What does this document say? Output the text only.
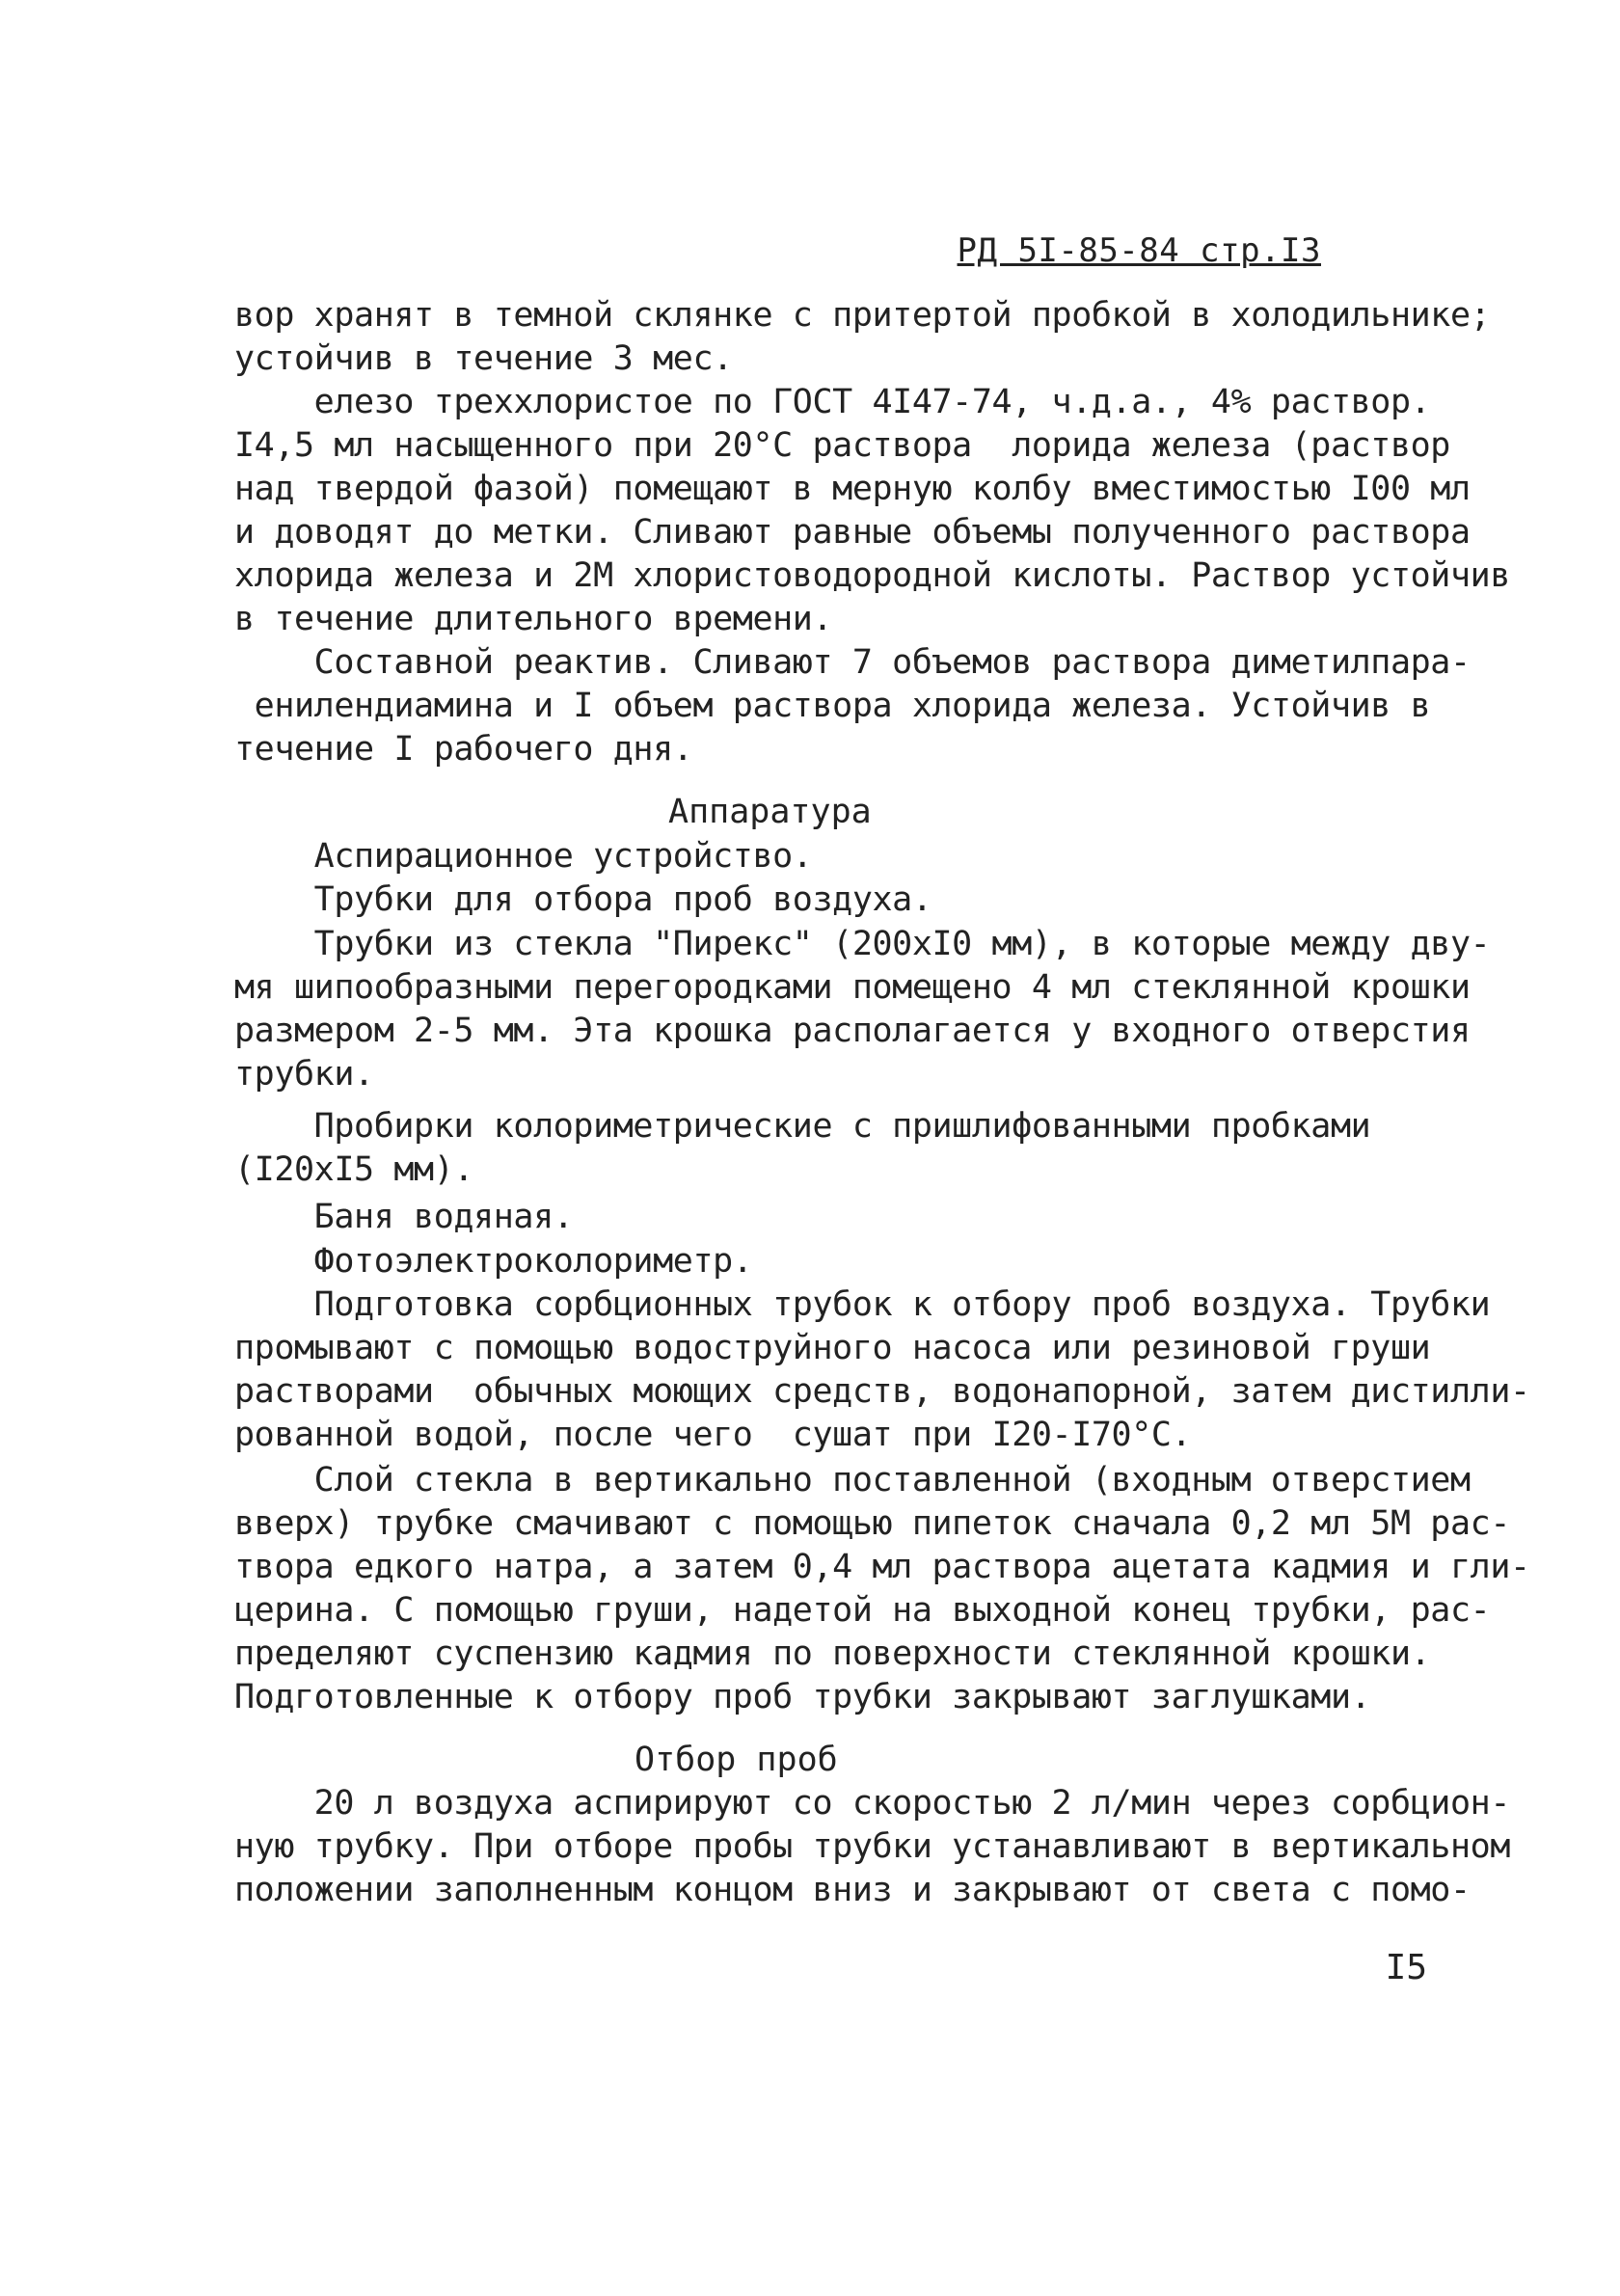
РД 5I-85-84 стр.I3
вор хранят в темной склянке с притертой пробкой в холодильнике;
устойчив в течение 3 мес.
елезо треххлористое по ГОСТ 4I47-74, ч.д.а., 4% раствор.
I4,5 мл насыщенного при 20°С раствора  лорида железа (раствор
над твердой фазой) помещают в мерную колбу вместимостью I00 мл
и доводят до метки. Сливают равные объемы полученного раствора
хлорида железа и 2М хлористоводородной кислоты. Раствор устойчив
в течение длительного времени.
Составной реактив. Сливают 7 объемов раствора диметилпара-
енилендиамина и I объем раствора хлорида железа. Устойчив в
течение I рабочего дня.
Аппаратура
Аспирационное устройство.
Трубки для отбора проб воздуха.
Трубки из стекла "Пирекс" (200хI0 мм), в которые между дву-
мя шипообразными перегородками помещено 4 мл стеклянной крошки
размером 2-5 мм. Эта крошка располагается у входного отверстия
трубки.
Пробирки колориметрические с пришлифованными пробками
(I20хI5 мм).
Баня водяная.
Фотоэлектроколориметр.
Подготовка сорбционных трубок к отбору проб воздуха. Трубки
промывают с помощью водоструйного насоса или резиновой груши
растворами  обычных моющих средств, водонапорной, затем дистилли-
рованной водой, после чего  сушат при I20-I70°С.
Слой стекла в вертикально поставленной (входным отверстием
вверх) трубке смачивают с помощью пипеток сначала 0,2 мл 5М рас-
твора едкого натра, а затем 0,4 мл раствора ацетата кадмия и гли-
церина. С помощью груши, надетой на выходной конец трубки, рас-
пределяют суспензию кадмия по поверхности стеклянной крошки.
Подготовленные к отбору проб трубки закрывают заглушками.
Отбор проб
20 л воздуха аспирируют со скоростью 2 л/мин через сорбцион-
ную трубку. При отборе пробы трубки устанавливают в вертикальном
положении заполненным концом вниз и закрывают от света с помо-
I5
